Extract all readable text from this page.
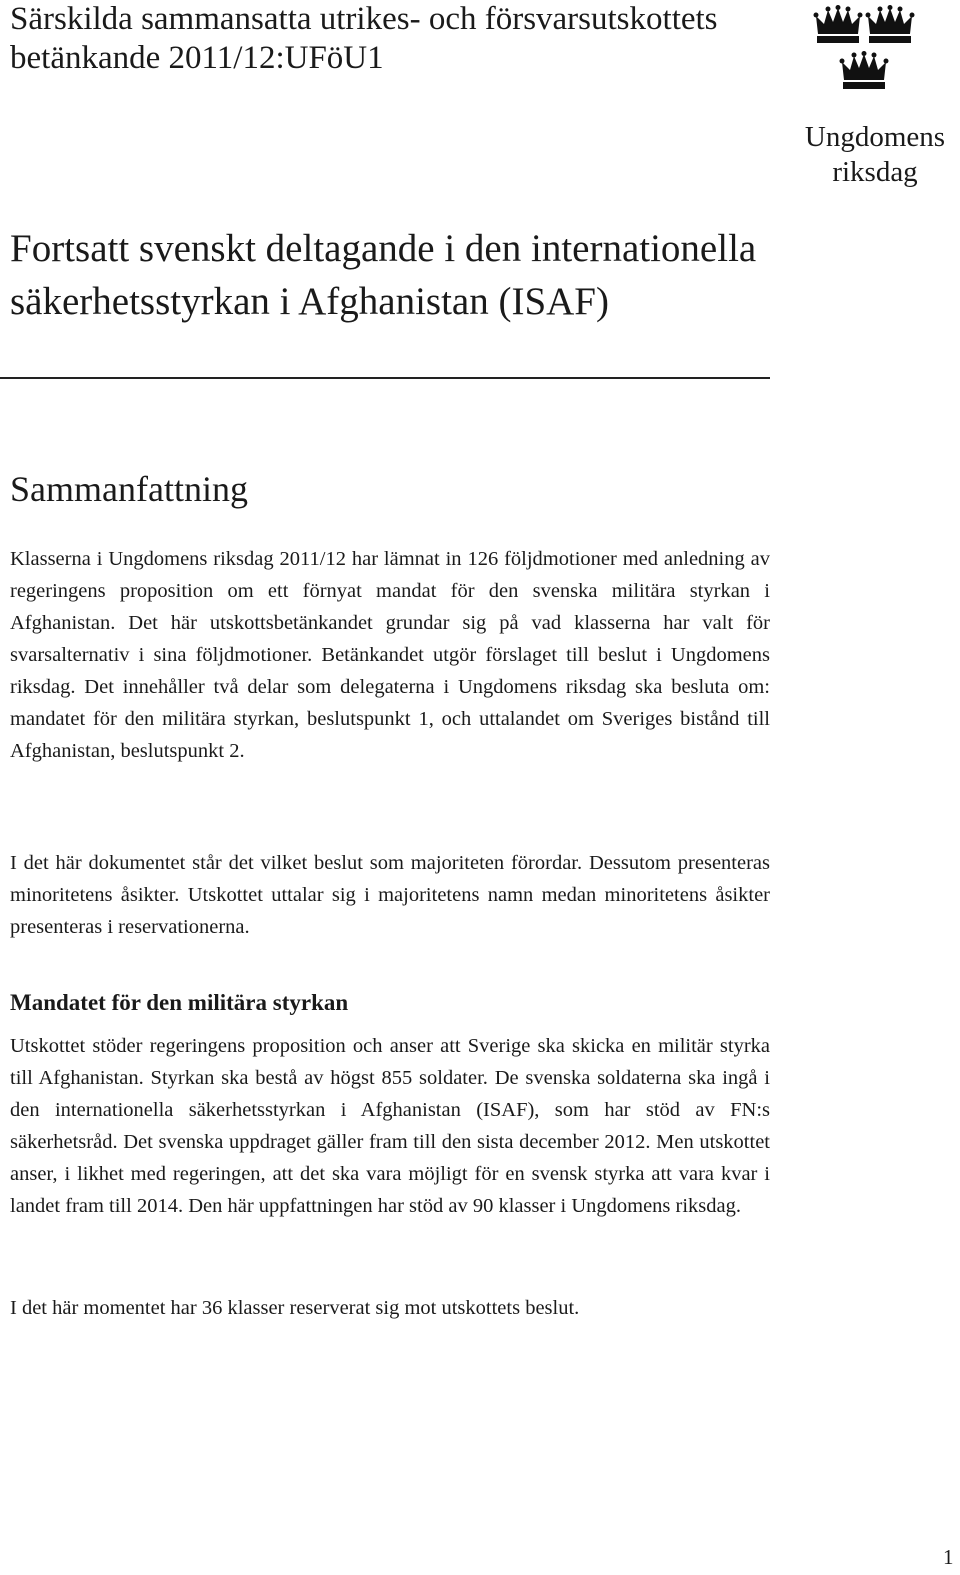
Särskilda sammansatta utrikes- och försvarsutskottets betänkande 2011/12:UFöU1
Ungdomens
riksdag
Fortsatt svenskt deltagande i den internationella säkerhetsstyrkan i Afghanistan (ISAF)
Sammanfattning

Klasserna i Ungdomens riksdag 2011/12 har lämnat in 126 följdmotioner med anledning av regeringens proposition om ett förnyat mandat för den svenska militära styrkan i Afghanistan. Det här utskottsbetänkandet grundar sig på vad klasserna har valt för svarsalternativ i sina följdmotioner. Betänkandet utgör förslaget till beslut i Ungdomens riksdag. Det innehåller två delar som delegaterna i Ungdomens riksdag ska besluta om: mandatet för den militära styrkan, beslutspunkt 1, och uttalandet om Sveriges bistånd till Afghanistan, beslutspunkt 2.

I det här dokumentet står det vilket beslut som majoriteten förordar. Dessutom presenteras minoritetens åsikter. Utskottet uttalar sig i majoritetens namn medan minoritetens åsikter presenteras i reservationerna.

Mandatet för den militära styrkan

Utskottet stöder regeringens proposition och anser att Sverige ska skicka en militär styrka till Afghanistan. Styrkan ska bestå av högst 855 soldater. De svenska soldaterna ska ingå i den internationella säkerhetsstyrkan i Afghanistan (ISAF), som har stöd av FN:s säkerhetsråd. Det svenska uppdraget gäller fram till den sista december 2012. Men utskottet anser, i likhet med regeringen, att det ska vara möjligt för en svensk styrka att vara kvar i landet fram till 2014. Den här uppfattningen har stöd av 90 klasser i Ungdomens riksdag.

I det här momentet har 36 klasser reserverat sig mot utskottets beslut.

1
